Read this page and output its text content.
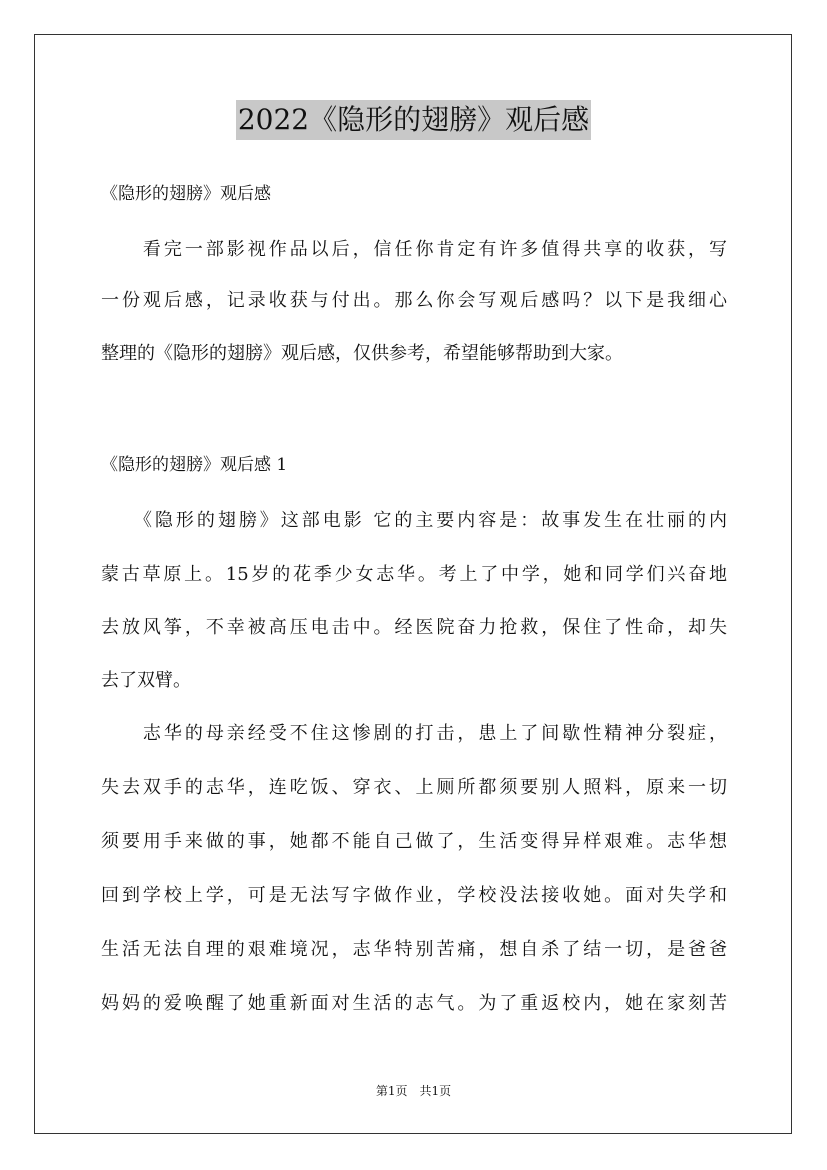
2022《隐形的翅膀》观后感
《隐形的翅膀》观后感
　　看完一部影视作品以后，信任你肯定有许多值得共享的收获，写
一份观后感，记录收获与付出。那么你会写观后感吗？以下是我细心
整理的《隐形的翅膀》观后感，仅供参考，希望能够帮助到大家。
《隐形的翅膀》观后感 1
　　《隐形的翅膀》这部电影 它的主要内容是：故事发生在壮丽的内
蒙古草原上。15岁的花季少女志华。考上了中学，她和同学们兴奋地
去放风筝，不幸被高压电击中。经医院奋力抢救，保住了性命，却失
去了双臂。
　　志华的母亲经受不住这惨剧的打击，患上了间歇性精神分裂症，
失去双手的志华，连吃饭、穿衣、上厕所都须要别人照料，原来一切
须要用手来做的事，她都不能自己做了，生活变得异样艰难。志华想
回到学校上学，可是无法写字做作业，学校没法接收她。面对失学和
生活无法自理的艰难境况，志华特别苦痛，想自杀了结一切，是爸爸
妈妈的爱唤醒了她重新面对生活的志气。为了重返校内，她在家刻苦
第1页　共1页
